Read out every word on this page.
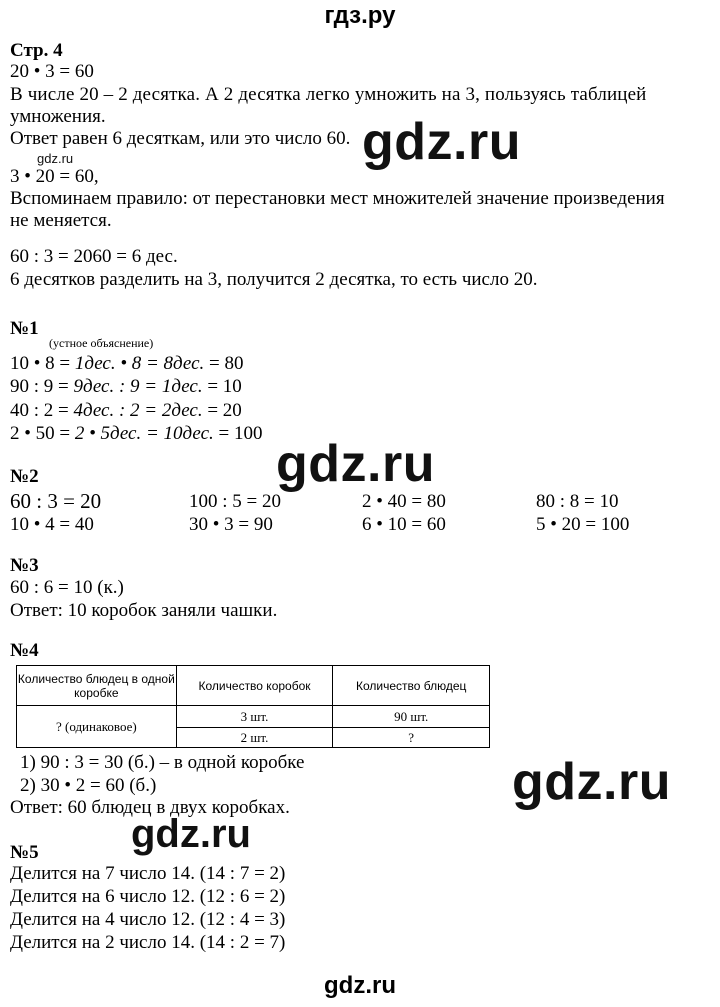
гдз.ру
Стр. 4
20 • 3 = 60
В числе 20 – 2 десятка. А 2 десятка легко умножить на 3, пользуясь таблицей
умножения.
Ответ равен 6 десяткам, или это число 60.
gdz.ru
3 • 20 = 60,
Вспоминаем правило: от перестановки мест множителей значение произведения
не меняется.
60 : 3 = 2060 = 6 дес.
6 десятков разделить на 3, получится 2 десятка, то есть число 20.
gdz.ru
№1
(устное объяснение)
10 • 8 = 1дес. • 8 = 8дес. = 80
90 : 9 = 9дес. : 9 = 1дес. = 10
40 : 2 = 4дес. : 2 = 2дес. = 20
2 • 50 = 2 • 5дес. = 10дес. = 100
gdz.ru
№2
60 : 3 = 20	100 : 5 = 20	2 • 40 = 80	80 : 8 = 10
10 • 4 = 40	30 • 3 = 90	6 • 10 = 60	5 • 20 = 100
№3
60 : 6 = 10 (к.)
Ответ: 10 коробок заняли чашки.
№4
Количество блюдец в одной коробке	Количество коробок	Количество блюдец
? (одинаковое)	3 шт.	90 шт.
	2 шт.	?
1) 90 : 3 = 30 (б.) – в одной коробке
2) 30 • 2 = 60 (б.)
Ответ: 60 блюдец в двух коробках.	gdz.ru
gdz.ru
№5
Делится на 7 число 14. (14 : 7 = 2)
Делится на 6 число 12. (12 : 6 = 2)
Делится на 4 число 12. (12 : 4 = 3)
Делится на 2 число 14. (14 : 2 = 7)
gdz.ru
